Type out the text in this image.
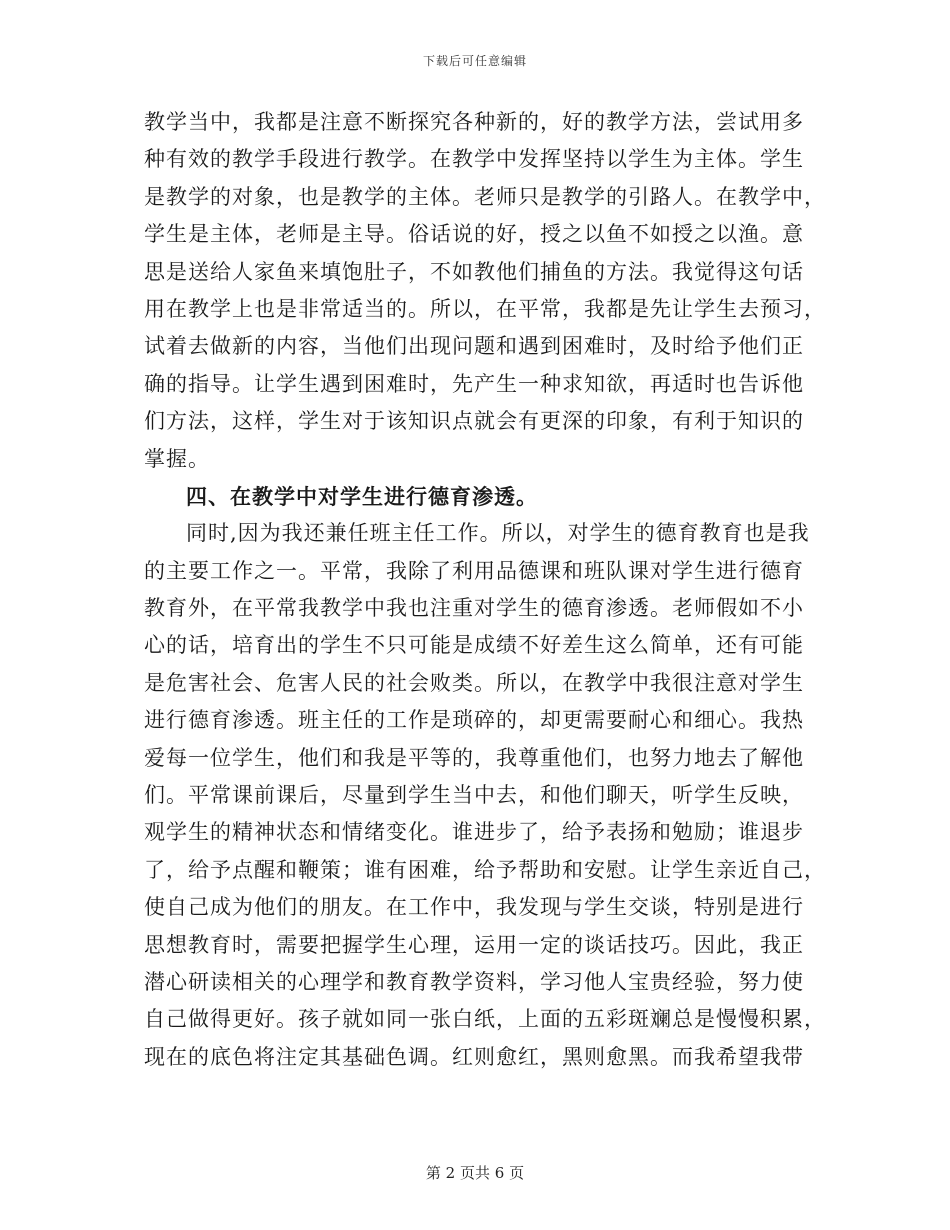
下载后可任意编辑
教学当中，我都是注意不断探究各种新的，好的教学方法，尝试用多
种有效的教学手段进行教学。在教学中发挥坚持以学生为主体。学生
是教学的对象，也是教学的主体。老师只是教学的引路人。在教学中，
学生是主体，老师是主导。俗话说的好，授之以鱼不如授之以渔。意
思是送给人家鱼来填饱肚子，不如教他们捕鱼的方法。我觉得这句话
用在教学上也是非常适当的。所以，在平常，我都是先让学生去预习，
试着去做新的内容，当他们出现问题和遇到困难时，及时给予他们正
确的指导。让学生遇到困难时，先产生一种求知欲，再适时也告诉他
们方法，这样，学生对于该知识点就会有更深的印象，有利于知识的
掌握。
四、在教学中对学生进行德育渗透。
同时,因为我还兼任班主任工作。所以，对学生的德育教育也是我
的主要工作之一。平常，我除了利用品德课和班队课对学生进行德育
教育外，在平常我教学中我也注重对学生的德育渗透。老师假如不小
心的话，培育出的学生不只可能是成绩不好差生这么简单，还有可能
是危害社会、危害人民的社会败类。所以，在教学中我很注意对学生
进行德育渗透。班主任的工作是琐碎的，却更需要耐心和细心。我热
爱每一位学生，他们和我是平等的，我尊重他们，也努力地去了解他
们。平常课前课后，尽量到学生当中去，和他们聊天，听学生反映，
观学生的精神状态和情绪变化。谁进步了，给予表扬和勉励；谁退步
了，给予点醒和鞭策；谁有困难，给予帮助和安慰。让学生亲近自己，
使自己成为他们的朋友。在工作中，我发现与学生交谈，特别是进行
思想教育时，需要把握学生心理，运用一定的谈话技巧。因此，我正
潜心研读相关的心理学和教育教学资料，学习他人宝贵经验，努力使
自己做得更好。孩子就如同一张白纸，上面的五彩斑斓总是慢慢积累，
现在的底色将注定其基础色调。红则愈红，黑则愈黑。而我希望我带
第 2 页共 6 页
